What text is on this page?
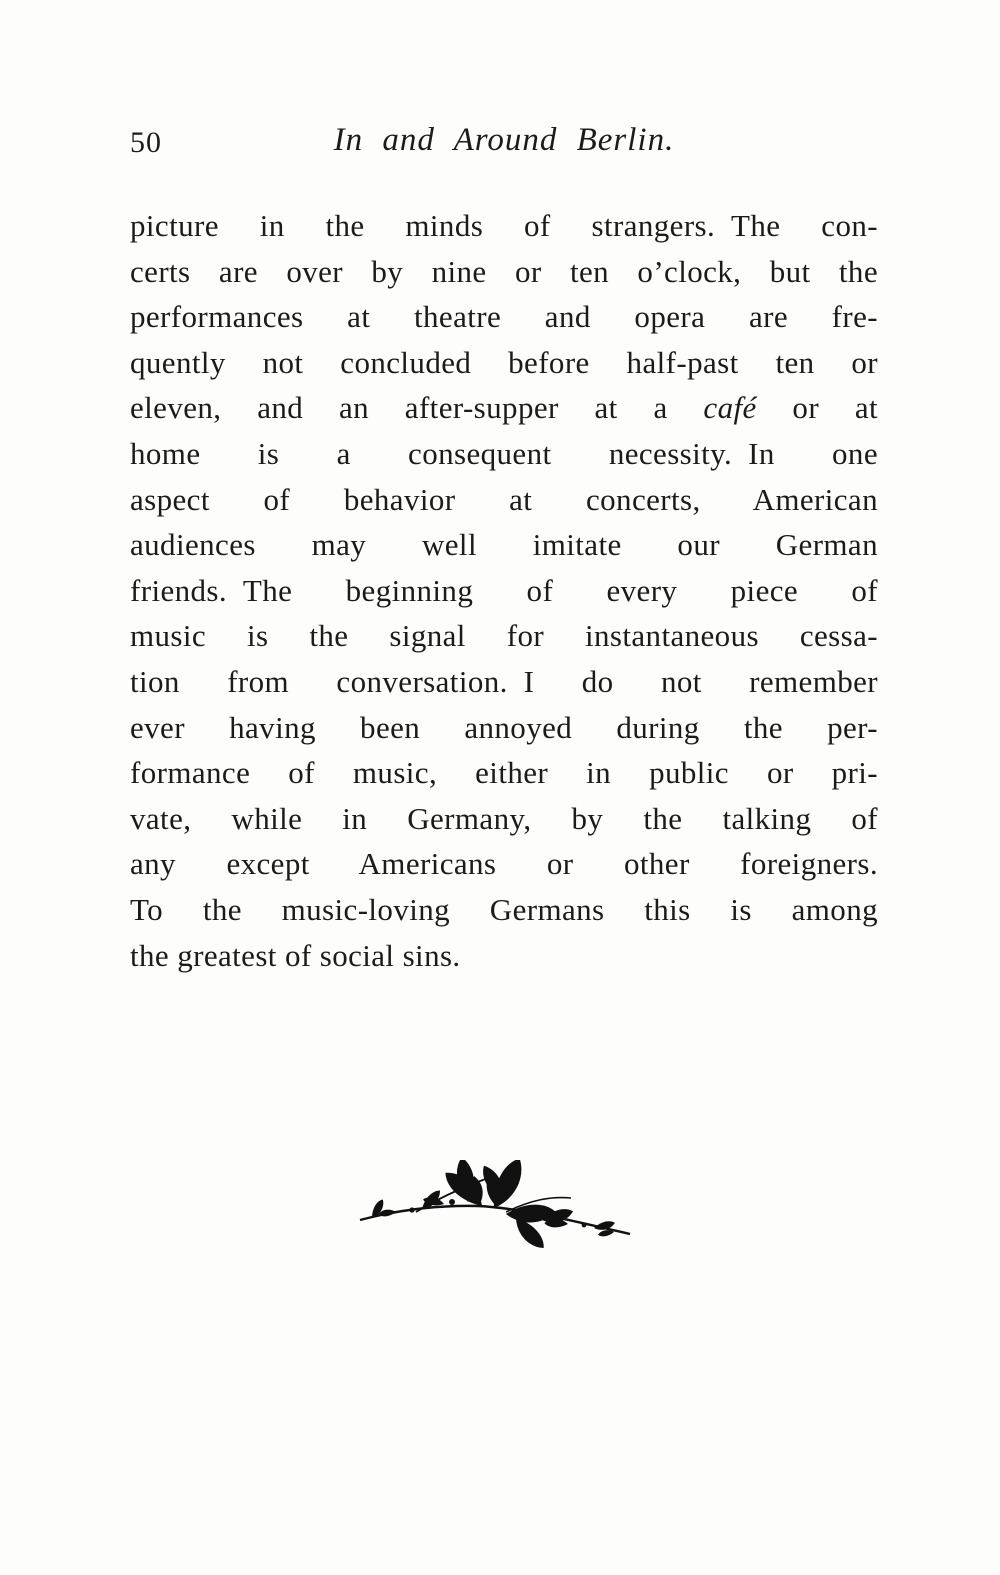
50	In and Around Berlin.
picture in the minds of strangers. The con-
certs are over by nine or ten o’clock, but the
performances at theatre and opera are fre-
quently not concluded before half-past ten or
eleven, and an after-supper at a café or at
home is a consequent necessity. In one
aspect of behavior at concerts, American
audiences may well imitate our German
friends. The beginning of every piece of
music is the signal for instantaneous cessa-
tion from conversation. I do not remember
ever having been annoyed during the per-
formance of music, either in public or pri-
vate, while in Germany, by the talking of
any except Americans or other foreigners.
To the music-loving Germans this is among
the greatest of social sins.
